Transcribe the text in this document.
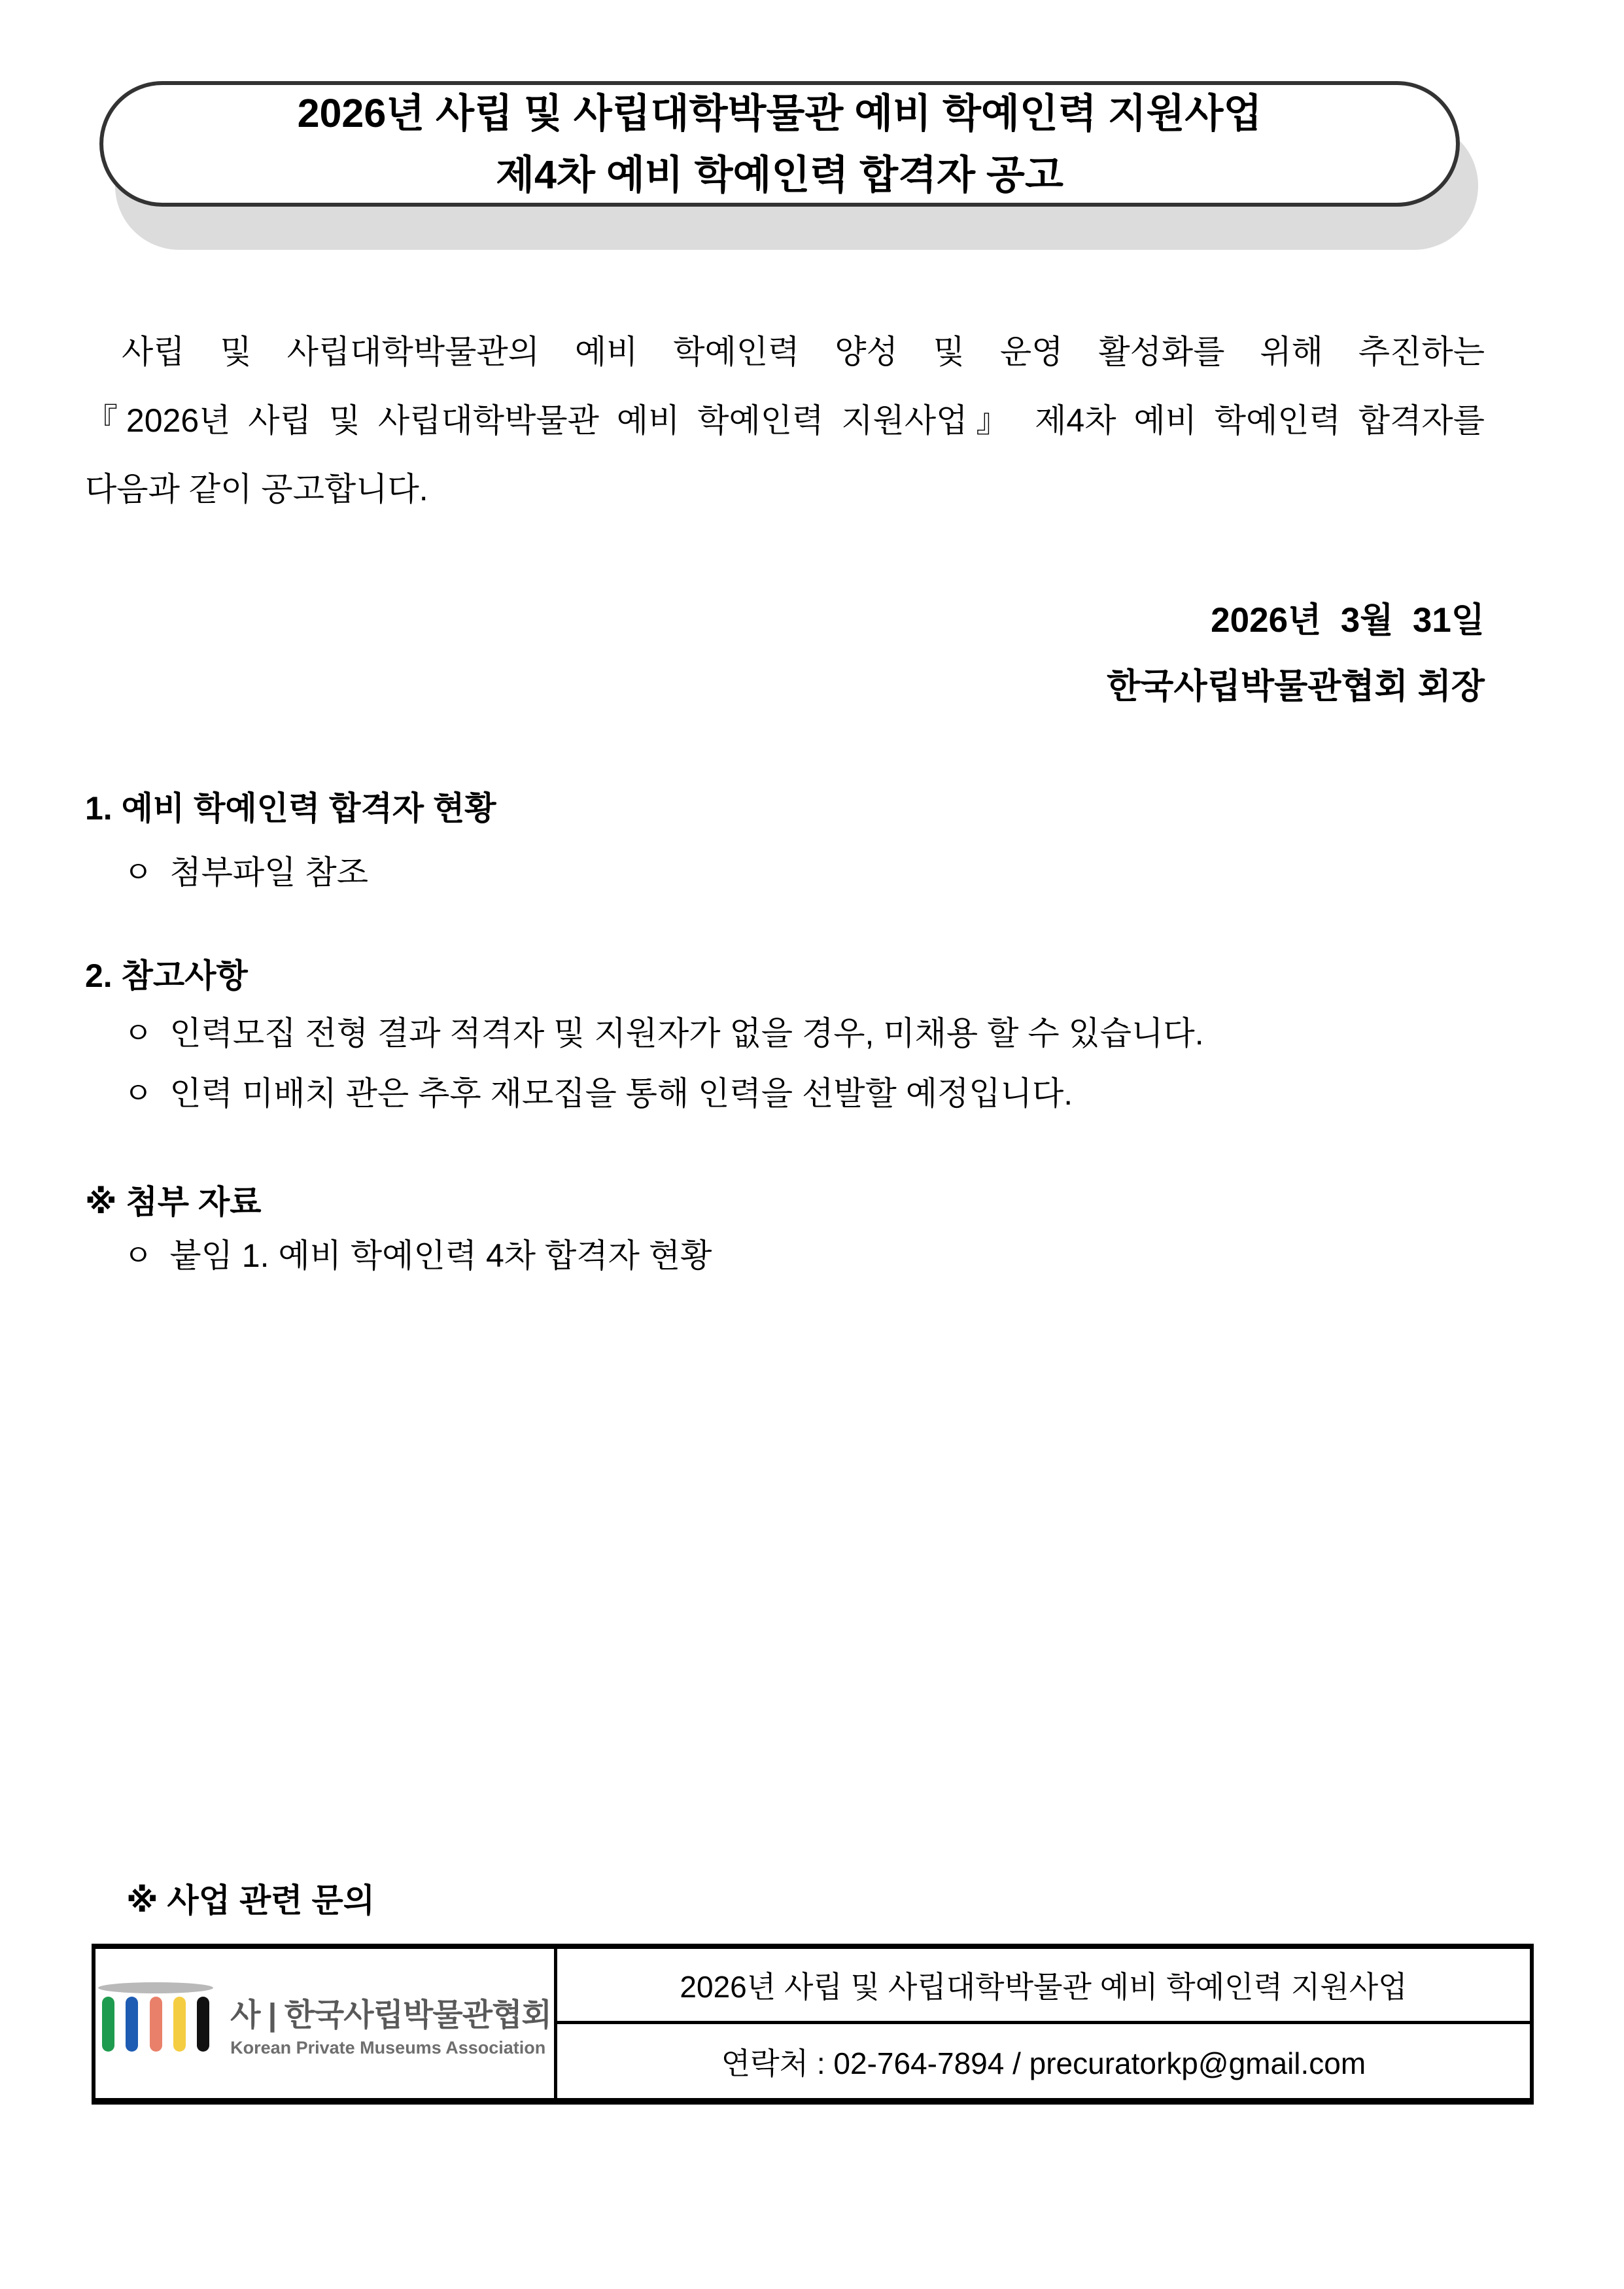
2026년 사립 및 사립대학박물관 예비 학예인력 지원사업
제4차 예비 학예인력 합격자 공고
사립 및 사립대학박물관의 예비 학예인력 양성 및 운영 활성화를 위해 추진하는
『2026년 사립 및 사립대학박물관 예비 학예인력 지원사업』 제4차 예비 학예인력 합격자를
다음과 같이 공고합니다.
2026년  3월  31일
한국사립박물관협회 회장
1. 예비 학예인력 합격자 현황
ㅇ 첨부파일 참조
2. 참고사항
ㅇ 인력모집 전형 결과 적격자 및 지원자가 없을 경우, 미채용 할 수 있습니다.
ㅇ 인력 미배치 관은 추후 재모집을 통해 인력을 선발할 예정입니다.
※ 첨부 자료
ㅇ 붙임 1. 예비 학예인력 4차 합격자 현황
※ 사업 관련 문의
사 | 한국사립박물관협회
Korean Private Museums Association
2026년 사립 및 사립대학박물관 예비 학예인력 지원사업
연락처 : 02-764-7894 / precuratorkp@gmail.com
